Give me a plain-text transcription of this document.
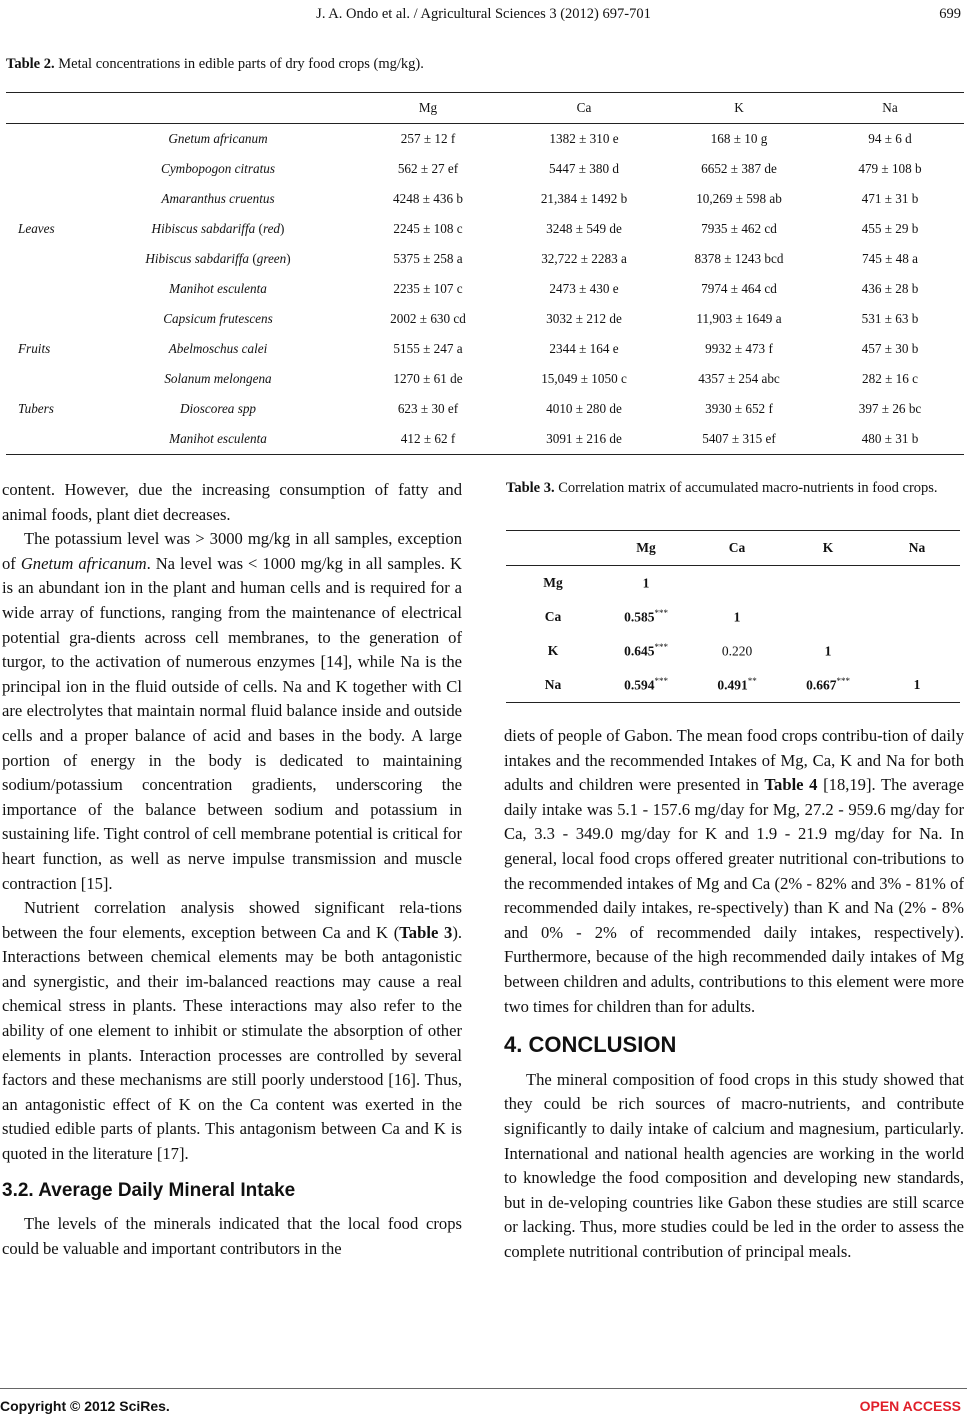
J. A. Ondo et al. / Agricultural Sciences 3 (2012) 697-701	699
Table 2. Metal concentrations in edible parts of dry food crops (mg/kg).
		Mg	Ca	K	Na
	Gnetum africanum	257 ± 12 f	1382 ± 310 e	168 ± 10 g	94 ± 6 d
	Cymbopogon citratus	562 ± 27 ef	5447 ± 380 d	6652 ± 387 de	479 ± 108 b
	Amaranthus cruentus	4248 ± 436 b	21,384 ± 1492 b	10,269 ± 598 ab	471 ± 31 b
Leaves	Hibiscus sabdariffa (red)	2245 ± 108 c	3248 ± 549 de	7935 ± 462 cd	455 ± 29 b
	Hibiscus sabdariffa (green)	5375 ± 258 a	32,722 ± 2283 a	8378 ± 1243 bcd	745 ± 48 a
	Manihot esculenta	2235 ± 107 c	2473 ± 430 e	7974 ± 464 cd	436 ± 28 b
	Capsicum frutescens	2002 ± 630 cd	3032 ± 212 de	11,903 ± 1649 a	531 ± 63 b
Fruits	Abelmoschus calei	5155 ± 247 a	2344 ± 164 e	9932 ± 473 f	457 ± 30 b
	Solanum melongena	1270 ± 61 de	15,049 ± 1050 c	4357 ± 254 abc	282 ± 16 c
Tubers	Dioscorea spp	623 ± 30 ef	4010 ± 280 de	3930 ± 652 f	397 ± 26 bc
	Manihot esculenta	412 ± 62 f	3091 ± 216 de	5407 ± 315 ef	480 ± 31 b

content. However, due the increasing consumption of fatty and animal foods, plant diet decreases.

The potassium level was > 3000 mg/kg in all samples, exception of Gnetum africanum. Na level was < 1000 mg/kg in all samples. K is an abundant ion in the plant and human cells and is required for a wide array of functions, ranging from the maintenance of electrical potential gra-dients across cell membranes, to the generation of turgor, to the activation of numerous enzymes [14], while Na is the principal ion in the fluid outside of cells. Na and K together with Cl are electrolytes that maintain normal fluid balance inside and outside cells and a proper balance of acid and bases in the body. A large portion of energy in the body is dedicated to maintaining sodium/potassium concentration gradients, underscoring the importance of the balance between sodium and potassium in sustaining life. Tight control of cell membrane potential is critical for heart function, as well as nerve impulse transmission and muscle contraction [15].

Nutrient correlation analysis showed significant rela-tions between the four elements, exception between Ca and K (Table 3). Interactions between chemical elements may be both antagonistic and synergistic, and their im-balanced reactions may cause a real chemical stress in plants. These interactions may also refer to the ability of one element to inhibit or stimulate the absorption of other elements in plants. Interaction processes are controlled by several factors and these mechanisms are still poorly understood [16]. Thus, an antagonistic effect of K on the Ca content was exerted in the studied edible parts of plants. This antagonism between Ca and K is quoted in the literature [17].

3.2. Average Daily Mineral Intake

The levels of the minerals indicated that the local food crops could be valuable and important contributors in the

Table 3. Correlation matrix of accumulated macro-nutrients in food crops.
	Mg	Ca	K	Na
Mg	1			
Ca	0.585***	1		
K	0.645***	0.220	1	
Na	0.594***	0.491**	0.667***	1

diets of people of Gabon. The mean food crops contribu-tion of daily intakes and the recommended Intakes of Mg, Ca, K and Na for both adults and children were presented in Table 4 [18,19]. The average daily intake was 5.1 - 157.6 mg/day for Mg, 27.2 - 959.6 mg/day for Ca, 3.3 - 349.0 mg/day for K and 1.9 - 21.9 mg/day for Na. In general, local food crops offered greater nutritional con-tributions to the recommended intakes of Mg and Ca (2% - 82% and 3% - 81% of recommended daily intakes, re-spectively) than K and Na (2% - 8% and 0% - 2% of recommended daily intakes, respectively). Furthermore, because of the high recommended daily intakes of Mg between children and adults, contributions to this element were more two times for children than for adults.

4. CONCLUSION

The mineral composition of food crops in this study showed that they could be rich sources of macro-nutrients, and contribute significantly to daily intake of calcium and magnesium, particularly. International and national health agencies are working in the world to knowledge the food composition and developing new standards, but in de-veloping countries like Gabon these studies are still scarce or lacking. Thus, more studies could be led in the order to assess the complete nutritional contribution of principal meals.

Copyright © 2012 SciRes.	OPEN ACCESS
